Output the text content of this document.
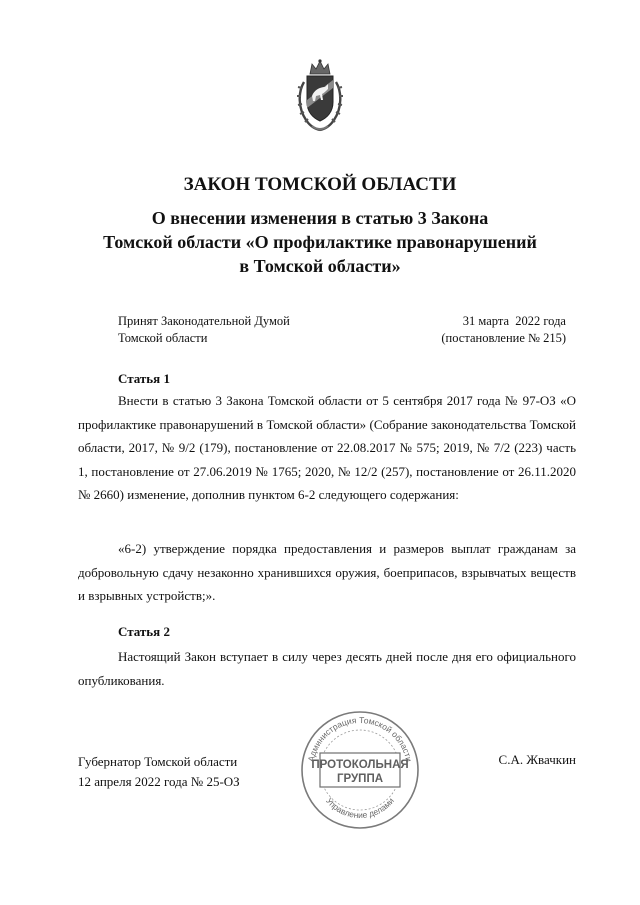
ЗАКОН ТОМСКОЙ ОБЛАСТИ
О внесении изменения в статью 3 Закона
Томской области «О профилактике правонарушений
в Томской области»
Принят Законодательной Думой
Томской области
31 марта  2022 года
(постановление № 215)
Статья 1

Внести в статью 3 Закона Томской области от 5 сентября 2017 года № 97-ОЗ «О профилактике правонарушений в Томской области» (Собрание законодательства Томской области, 2017, № 9/2 (179), постановление от 22.08.2017 № 575; 2019, № 7/2 (223) часть 1, постановление от 27.06.2019 № 1765; 2020, № 12/2 (257), постановление от 26.11.2020 № 2660) изменение, дополнив пунктом 6-2 следующего содержания:

«6-2) утверждение порядка предоставления и размеров выплат гражданам за добровольную сдачу незаконно хранившихся оружия, боеприпасов, взрывчатых веществ и взрывных устройств;».

Статья 2

Настоящий Закон вступает в силу через десять дней после дня его официального опубликования.

Губернатор Томской области
12 апреля 2022 года № 25-ОЗ
С.А. Жвачкин
Администрация Томской области
Управление делами
ПРОТОКОЛЬНАЯ
ГРУППА
